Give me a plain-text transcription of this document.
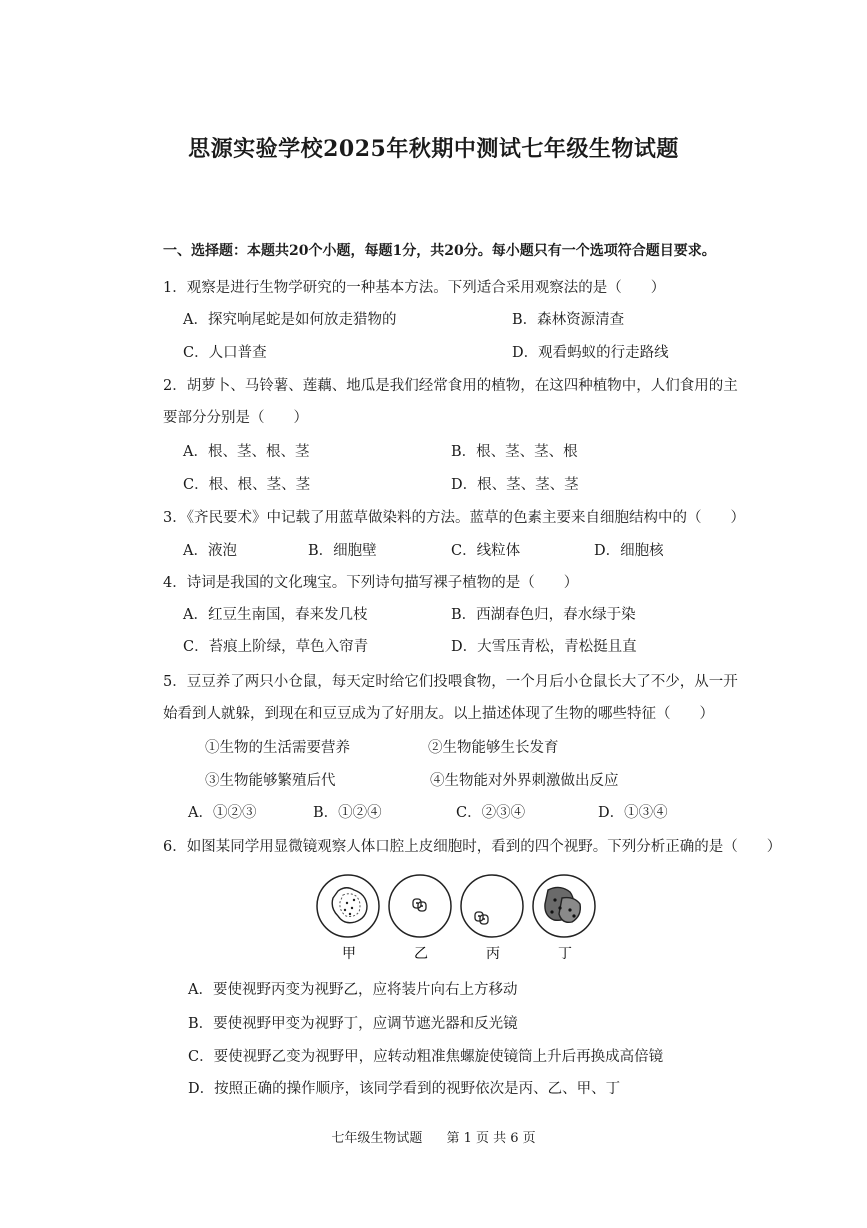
思源实验学校2025年秋期中测试七年级生物试题
一、选择题：本题共20个小题，每题1分，共20分。每小题只有一个选项符合题目要求。
1．观察是进行生物学研究的一种基本方法。下列适合采用观察法的是（　　）
A．探究响尾蛇是如何放走猎物的	B．森林资源清查
C．人口普查	D．观看蚂蚁的行走路线
2．胡萝卜、马铃薯、莲藕、地瓜是我们经常食用的植物，在这四种植物中，人们食用的主
要部分分别是（　　）
A．根、茎、根、茎	B．根、茎、茎、根
C．根、根、茎、茎	D．根、茎、茎、茎
3．《齐民要术》中记载了用蓝草做染料的方法。蓝草的色素主要来自细胞结构中的（　　）
A．液泡	B．细胞壁	C．线粒体	D．细胞核
4．诗词是我国的文化瑰宝。下列诗句描写裸子植物的是（　　）
A．红豆生南国，春来发几枝	B．西湖春色归，春水绿于染
C．苔痕上阶绿，草色入帘青	D．大雪压青松，青松挺且直
5．豆豆养了两只小仓鼠，每天定时给它们投喂食物，一个月后小仓鼠长大了不少，从一开
始看到人就躲，到现在和豆豆成为了好朋友。以上描述体现了生物的哪些特征（　　）
①生物的生活需要营养	②生物能够生长发育
③生物能够繁殖后代	④生物能对外界刺激做出反应
A．①②③	B．①②④	C．②③④	D．①③④
6．如图某同学用显微镜观察人体口腔上皮细胞时，看到的四个视野。下列分析正确的是（　　）
甲	乙	丙	丁
A．要使视野丙变为视野乙，应将装片向右上方移动
B．要使视野甲变为视野丁，应调节遮光器和反光镜
C．要使视野乙变为视野甲，应转动粗准焦螺旋使镜筒上升后再换成高倍镜
D．按照正确的操作顺序，该同学看到的视野依次是丙、乙、甲、丁
七年级生物试题 第 1 页 共 6 页
